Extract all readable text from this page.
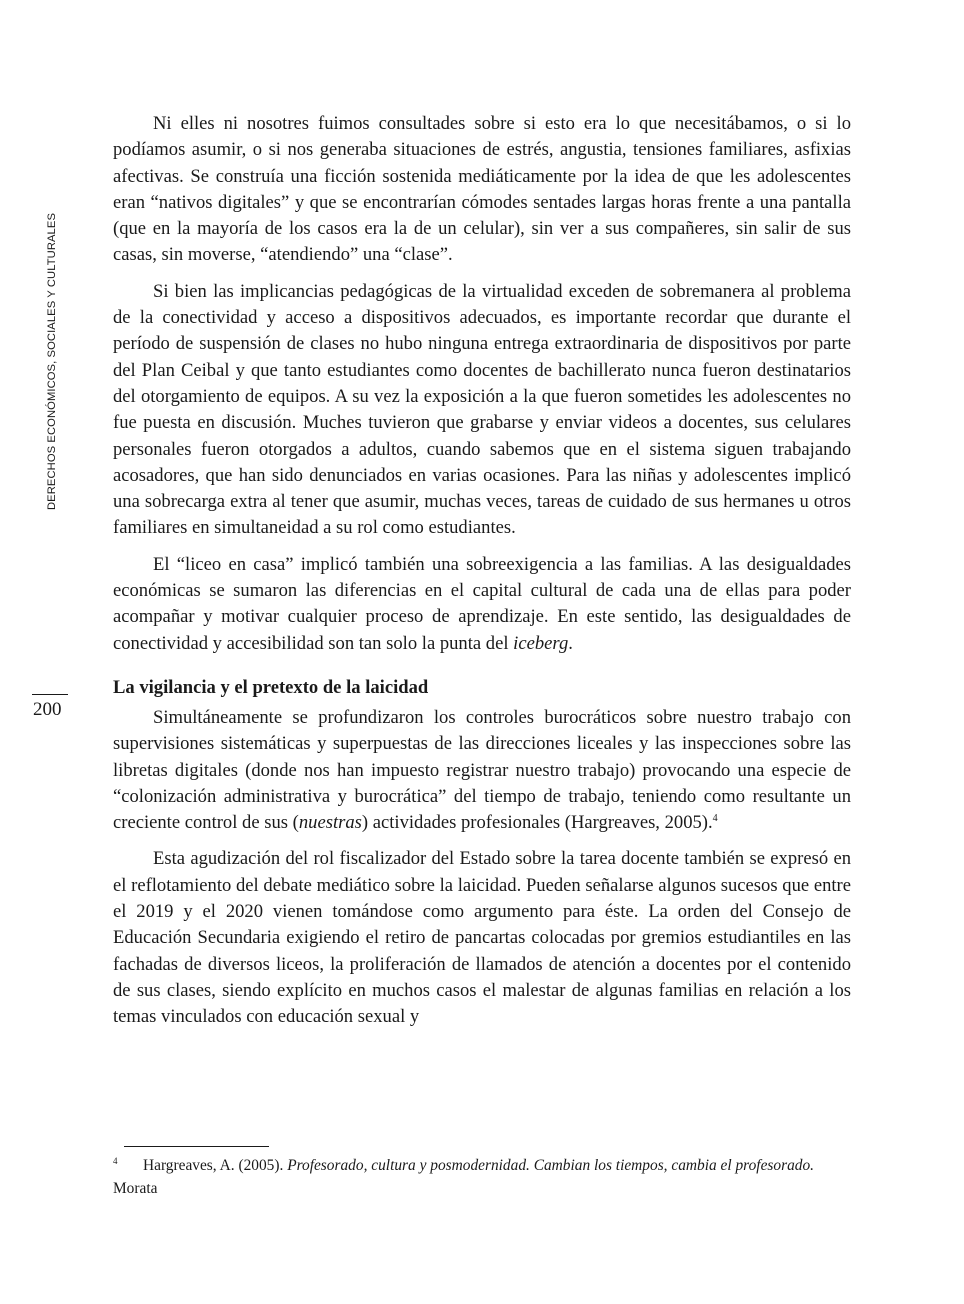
DERECHOS ECONÓMICOS, SOCIALES Y CULTURALES
200

Ni elles ni nosotres fuimos consultades sobre si esto era lo que necesitábamos, o si lo podíamos asumir, o si nos generaba situaciones de estrés, angustia, tensiones familiares, asfixias afectivas. Se construía una ficción sostenida mediáticamente por la idea de que les adolescentes eran “nativos digitales” y que se encontrarían cómodes sentades largas horas frente a una pantalla (que en la mayoría de los casos era la de un celular), sin ver a sus compañeres, sin salir de sus casas, sin moverse, “atendiendo” una “clase”.

Si bien las implicancias pedagógicas de la virtualidad exceden de sobremanera al problema de la conectividad y acceso a dispositivos adecuados, es importante recordar que durante el período de suspensión de clases no hubo ninguna entrega extraordinaria de dispositivos por parte del Plan Ceibal y que tanto estudiantes como docentes de bachillerato nunca fueron destinatarios del otorgamiento de equipos. A su vez la exposición a la que fueron sometides les adolescentes no fue puesta en discusión. Muches tuvieron que grabarse y enviar videos a docentes, sus celulares personales fueron otorgados a adultos, cuando sabemos que en el sistema siguen trabajando acosadores, que han sido denunciados en varias ocasiones. Para las niñas y adolescentes implicó una sobrecarga extra al tener que asumir, muchas veces, tareas de cuidado de sus hermanes u otros familiares en simultaneidad a su rol como estudiantes.

El “liceo en casa” implicó también una sobreexigencia a las familias. A las desigualdades económicas se sumaron las diferencias en el capital cultural de cada una de ellas para poder acompañar y motivar cualquier proceso de aprendizaje. En este sentido, las desigualdades de conectividad y accesibilidad son tan solo la punta del iceberg.

La vigilancia y el pretexto de la laicidad

Simultáneamente se profundizaron los controles burocráticos sobre nuestro trabajo con supervisiones sistemáticas y superpuestas de las direcciones liceales y las inspecciones sobre las libretas digitales (donde nos han impuesto registrar nuestro trabajo) provocando una especie de “colonización administrativa y burocrática” del tiempo de trabajo, teniendo como resultante un creciente control de sus (nuestras) actividades profesionales (Hargreaves, 2005).$^4$

Esta agudización del rol fiscalizador del Estado sobre la tarea docente también se expresó en el reflotamiento del debate mediático sobre la laicidad. Pueden señalarse algunos sucesos que entre el 2019 y el 2020 vienen tomándose como argumento para éste. La orden del Consejo de Educación Secundaria exigiendo el retiro de pancartas colocadas por gremios estudiantiles en las fachadas de diversos liceos, la proliferación de llamados de atención a docentes por el contenido de sus clases, siendo explícito en muchos casos el malestar de algunas familias en relación a los temas vinculados con educación sexual y

4 Hargreaves, A. (2005). Profesorado, cultura y posmodernidad. Cambian los tiempos, cambia el profesorado. Morata
